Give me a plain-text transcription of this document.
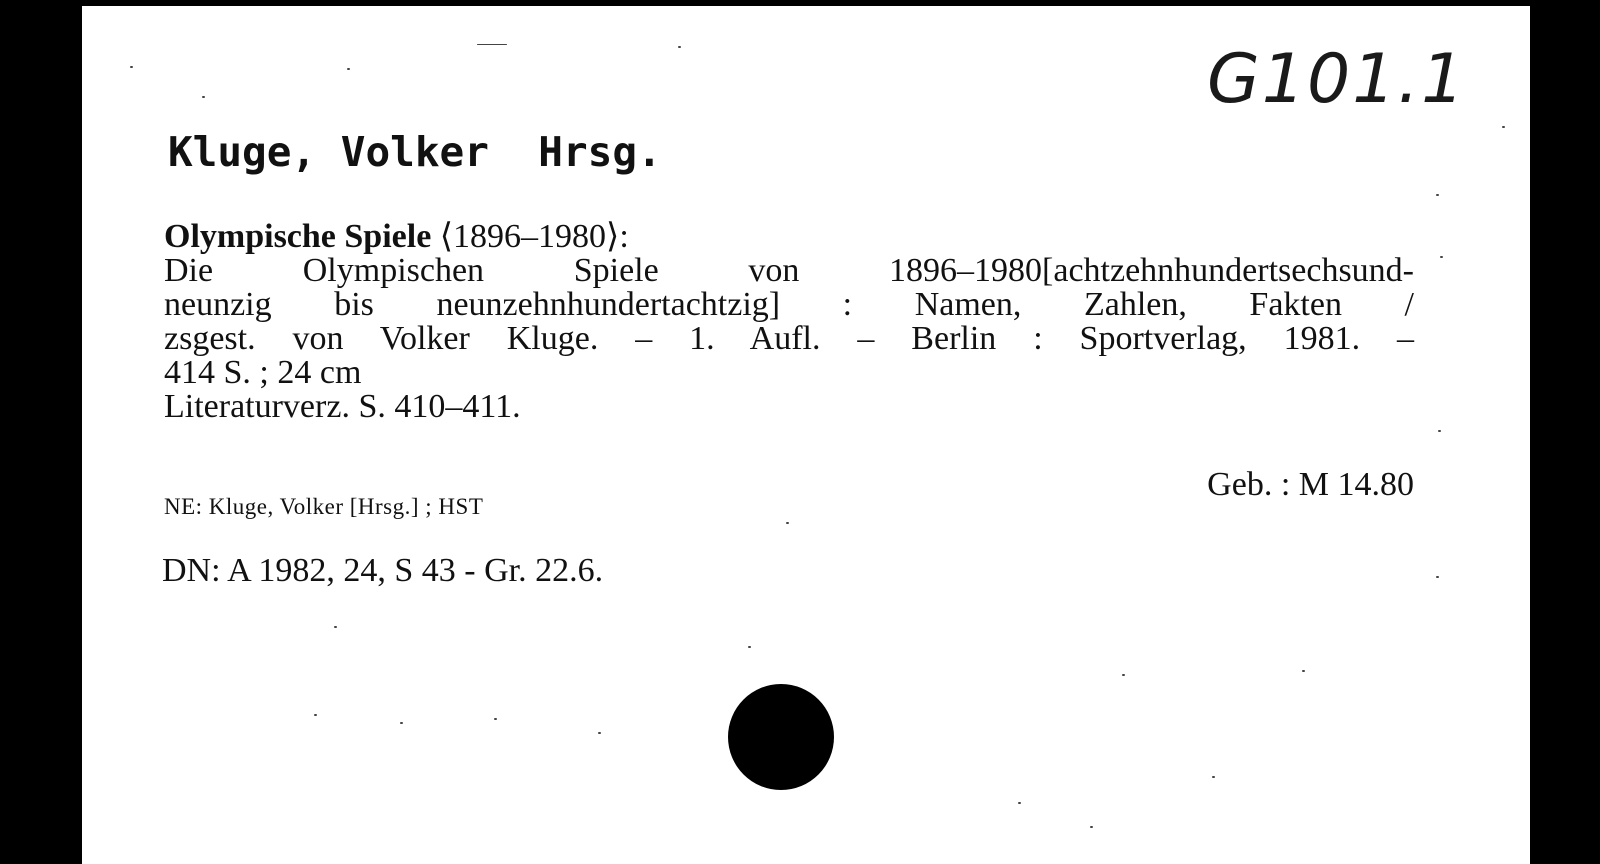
G101.1
Kluge, Volker  Hrsg.
Olympische Spiele ⟨1896–1980⟩:
Die Olympischen Spiele von 1896–1980[achtzehnhundertsechsund-
neunzig bis neunzehnhundertachtzig] : Namen, Zahlen, Fakten /
zsgest. von Volker Kluge. – 1. Aufl. – Berlin : Sportverlag, 1981. –
414 S. ; 24 cm
Literaturverz. S. 410–411.
Geb. : M 14.80
NE: Kluge, Volker [Hrsg.] ; HST
DN: A 1982, 24, S 43 - Gr. 22.6.
